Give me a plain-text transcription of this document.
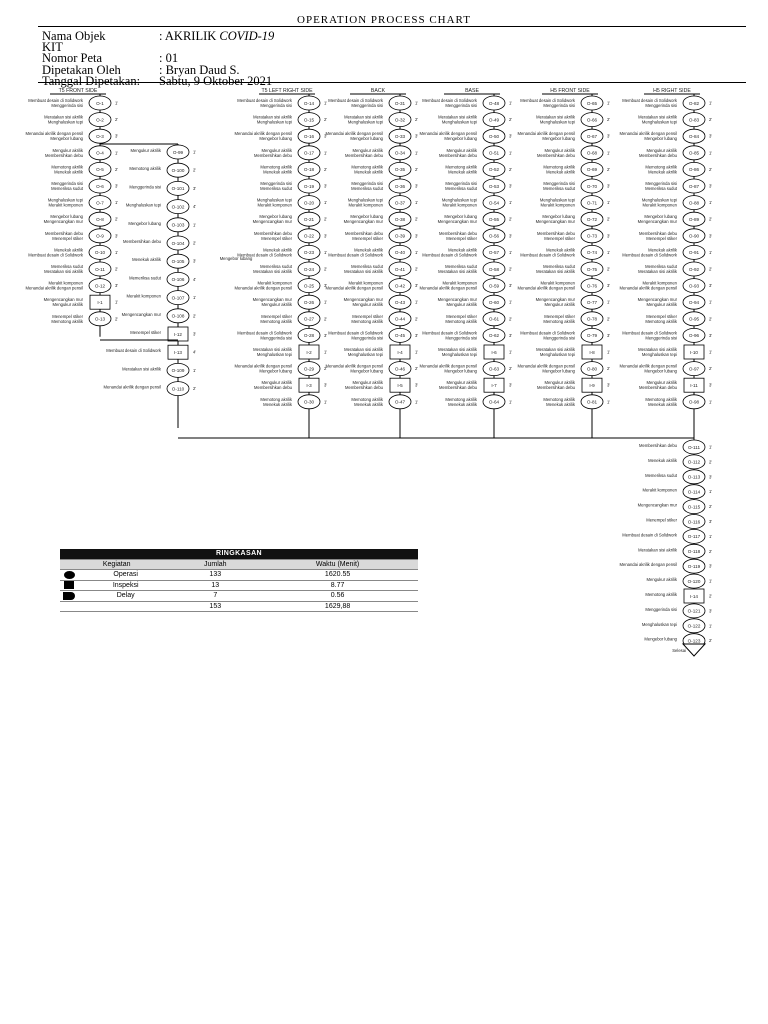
OPERATION PROCESS CHART
Nama Objek	: AKRILIK COVID-19
KIT
Nomor Peta	: 01
Dipetakan Oleh	: Bryan Daud S.
Tanggal Dipetakan: Sabtu, 9 Oktober 2021
T5 FRONT SIDE
O-1
Membuat desain di Solidwork
Menggerinda sisi	1'
O-2
Meratakan sisi akrilik
Menghaluskan tepi	2'
O-3
Menandai akrilik dengan pensil
Mengebor lubang	3'
O-4
Mengukur akrilik
Membersihkan debu	1'
O-5
Memotong akrilik
Menekuk akrilik	2'
O-6
Menggerinda sisi
Memeriksa sudut	3'
O-7
Menghaluskan tepi
Merakit komponen	1'
O-8
Mengebor lubang
Mengencangkan mur	2'
O-9
Membersihkan debu
Menempel stiker	3'
O-10
Menekuk akrilik
Membuat desain di Solidwork	1'
O-11
Memeriksa sudut
Meratakan sisi akrilik	2'
O-12
Merakit komponen
Menandai akrilik dengan pensil	3'
I-1
Mengencangkan mur
Mengukur akrilik	1'
O-13
Menempel stiker
Memotong akrilik	2'
T5 LEFT RIGHT SIDE
O-14
Membuat desain di Solidwork
Menggerinda sisi	1'
O-15
Meratakan sisi akrilik
Menghaluskan tepi	2'
O-16
Menandai akrilik dengan pensil
Mengebor lubang	3'
O-17
Mengukur akrilik
Membersihkan debu	1'
O-18
Memotong akrilik
Menekuk akrilik	2'
O-19
Menggerinda sisi
Memeriksa sudut	3'
O-20
Menghaluskan tepi
Merakit komponen	1'
O-21
Mengebor lubang
Mengencangkan mur	2'
O-22
Membersihkan debu
Menempel stiker	3'
O-23
Menekuk akrilik
Membuat desain di Solidwork	1'
O-24
Memeriksa sudut
Meratakan sisi akrilik	2'
O-25
Merakit komponen
Menandai akrilik dengan pensil	3'
O-26
Mengencangkan mur
Mengukur akrilik	1'
O-27
Menempel stiker
Memotong akrilik	2'
O-28
Membuat desain di Solidwork
Menggerinda sisi	3'
I-2
Meratakan sisi akrilik
Menghaluskan tepi	1'
O-29
Menandai akrilik dengan pensil
Mengebor lubang	2'
I-3
Mengukur akrilik
Membersihkan debu	3'
O-30
Memotong akrilik
Menekuk akrilik	1'
BACK
O-31
Membuat desain di Solidwork
Menggerinda sisi	1'
O-32
Meratakan sisi akrilik
Menghaluskan tepi	2'
O-33
Menandai akrilik dengan pensil
Mengebor lubang	3'
O-34
Mengukur akrilik
Membersihkan debu	1'
O-35
Memotong akrilik
Menekuk akrilik	2'
O-36
Menggerinda sisi
Memeriksa sudut	3'
O-37
Menghaluskan tepi
Merakit komponen	1'
O-38
Mengebor lubang
Mengencangkan mur	2'
O-39
Membersihkan debu
Menempel stiker	3'
O-40
Menekuk akrilik
Membuat desain di Solidwork	1'
O-41
Memeriksa sudut
Meratakan sisi akrilik	2'
O-42
Merakit komponen
Menandai akrilik dengan pensil	3'
O-43
Mengencangkan mur
Mengukur akrilik	1'
O-44
Menempel stiker
Memotong akrilik	2'
O-45
Membuat desain di Solidwork
Menggerinda sisi	3'
I-4
Meratakan sisi akrilik
Menghaluskan tepi	1'
O-46
Menandai akrilik dengan pensil
Mengebor lubang	2'
I-5
Mengukur akrilik
Membersihkan debu	3'
O-47
Memotong akrilik
Menekuk akrilik	1'
BASE
O-48
Membuat desain di Solidwork
Menggerinda sisi	1'
O-49
Meratakan sisi akrilik
Menghaluskan tepi	2'
O-50
Menandai akrilik dengan pensil
Mengebor lubang	3'
O-51
Mengukur akrilik
Membersihkan debu	1'
O-52
Memotong akrilik
Menekuk akrilik	2'
O-53
Menggerinda sisi
Memeriksa sudut	3'
O-54
Menghaluskan tepi
Merakit komponen	1'
O-55
Mengebor lubang
Mengencangkan mur	2'
O-56
Membersihkan debu
Menempel stiker	3'
O-57
Menekuk akrilik
Membuat desain di Solidwork	1'
O-58
Memeriksa sudut
Meratakan sisi akrilik	2'
O-59
Merakit komponen
Menandai akrilik dengan pensil	3'
O-60
Mengencangkan mur
Mengukur akrilik	1'
O-61
Menempel stiker
Memotong akrilik	2'
O-62
Membuat desain di Solidwork
Menggerinda sisi	3'
I-6
Meratakan sisi akrilik
Menghaluskan tepi	1'
O-63
Menandai akrilik dengan pensil
Mengebor lubang	2'
I-7
Mengukur akrilik
Membersihkan debu	3'
O-64
Memotong akrilik
Menekuk akrilik	1'
H5 FRONT SIDE
O-65
Membuat desain di Solidwork
Menggerinda sisi	1'
O-66
Meratakan sisi akrilik
Menghaluskan tepi	2'
O-67
Menandai akrilik dengan pensil
Mengebor lubang	3'
O-68
Mengukur akrilik
Membersihkan debu	1'
O-69
Memotong akrilik
Menekuk akrilik	2'
O-70
Menggerinda sisi
Memeriksa sudut	3'
O-71
Menghaluskan tepi
Merakit komponen	1'
O-72
Mengebor lubang
Mengencangkan mur	2'
O-73
Membersihkan debu
Menempel stiker	3'
O-74
Menekuk akrilik
Membuat desain di Solidwork	1'
O-75
Memeriksa sudut
Meratakan sisi akrilik	2'
O-76
Merakit komponen
Menandai akrilik dengan pensil	3'
O-77
Mengencangkan mur
Mengukur akrilik	1'
O-78
Menempel stiker
Memotong akrilik	2'
O-79
Membuat desain di Solidwork
Menggerinda sisi	3'
I-8
Meratakan sisi akrilik
Menghaluskan tepi	1'
O-80
Menandai akrilik dengan pensil
Mengebor lubang	2'
I-9
Mengukur akrilik
Membersihkan debu	3'
O-81
Memotong akrilik
Menekuk akrilik	1'
H5 RIGHT SIDE
O-82
Membuat desain di Solidwork
Menggerinda sisi	1'
O-83
Meratakan sisi akrilik
Menghaluskan tepi	2'
O-84
Menandai akrilik dengan pensil
Mengebor lubang	3'
O-85
Mengukur akrilik
Membersihkan debu	1'
O-86
Memotong akrilik
Menekuk akrilik	2'
O-87
Menggerinda sisi
Memeriksa sudut	3'
O-88
Menghaluskan tepi
Merakit komponen	1'
O-89
Mengebor lubang
Mengencangkan mur	2'
O-90
Membersihkan debu
Menempel stiker	3'
O-91
Menekuk akrilik
Membuat desain di Solidwork	1'
O-92
Memeriksa sudut
Meratakan sisi akrilik	2'
O-93
Merakit komponen
Menandai akrilik dengan pensil	3'
O-94
Mengencangkan mur
Mengukur akrilik	1'
O-95
Menempel stiker
Memotong akrilik	2'
O-96
Membuat desain di Solidwork
Menggerinda sisi	3'
I-10
Meratakan sisi akrilik
Menghaluskan tepi	1'
O-97
Menandai akrilik dengan pensil
Mengebor lubang	2'
I-11
Mengukur akrilik
Membersihkan debu	3'
O-98
Memotong akrilik
Menekuk akrilik	1'
O-99
Mengukur akrilik	1'
O-100
Memotong akrilik	2'
O-101
Menggerinda sisi	3'
O-102
Menghaluskan tepi	4'
O-103
Mengebor lubang	1'
O-104
Membersihkan debu	2'
O-105
Menekuk akrilik	3'
O-106
Memeriksa sudut	4'
O-107
Merakit komponen	1'
O-108
Mengencangkan mur	2'
I-12
Menempel stiker	3'
I-13
Membuat desain di Solidwork	4'
O-109
Meratakan sisi akrilik	1'
O-110
Menandai akrilik dengan pensil	2'
Mengebor lubang
O-111
Membersihkan debu	1'
O-112
Menekuk akrilik	2'
O-113
Memeriksa sudut	3'
O-114
Merakit komponen	1'
O-115
Mengencangkan mur	2'
O-116
Menempel stiker	3'
O-117
Membuat desain di Solidwork	1'
O-118
Meratakan sisi akrilik	2'
O-119
Menandai akrilik dengan pensil	3'
O-120
Mengukur akrilik	1'
I-14
Memotong akrilik	2'
O-121
Menggerinda sisi	3'
O-122
Menghaluskan tepi	1'
O-123
Mengebor lubang	2'
Selesai
RINGKASAN			
Kegiatan		Jumlah	Waktu (Menit)
	Operasi	133	1620.55
	Inspeksi	13	8.77
	Delay	7	0.56
		153	1629,88
